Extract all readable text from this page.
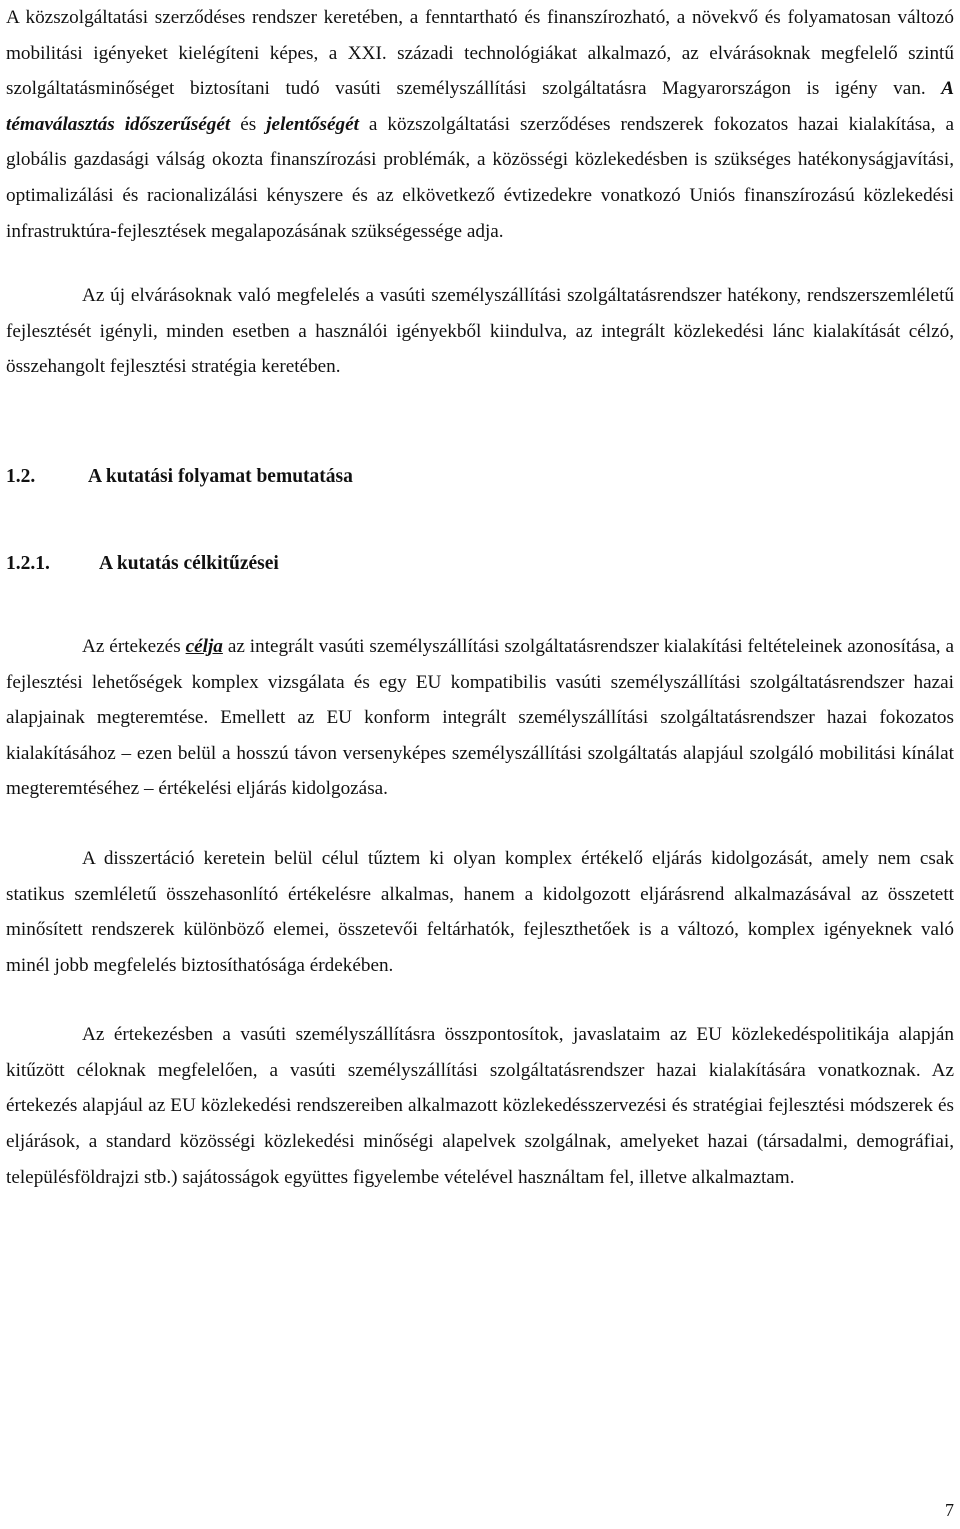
A közszolgáltatási szerződéses rendszer keretében, a fenntartható és finanszírozható, a növekvő és folyamatosan változó mobilitási igényeket kielégíteni képes, a XXI. századi technológiákat alkalmazó, az elvárásoknak megfelelő szintű szolgáltatásminőséget biztosítani tudó vasúti személyszállítási szolgáltatásra Magyarországon is igény van. A témaválasztás időszerűségét és jelentőségét a közszolgáltatási szerződéses rendszerek fokozatos hazai kialakítása, a globális gazdasági válság okozta finanszírozási problémák, a közösségi közlekedésben is szükséges hatékonyságjavítási, optimalizálási és racionalizálási kényszere és az elkövetkező évtizedekre vonatkozó Uniós finanszírozású közlekedési infrastruktúra-fejlesztések megalapozásának szükségessége adja.

Az új elvárásoknak való megfelelés a vasúti személyszállítási szolgáltatásrendszer hatékony, rendszerszemléletű fejlesztését igényli, minden esetben a használói igényekből kiindulva, az integrált közlekedési lánc kialakítását célzó, összehangolt fejlesztési stratégia keretében.

1.2.	A kutatási folyamat bemutatása
1.2.1.	A kutatás célkitűzései

Az értekezés célja az integrált vasúti személyszállítási szolgáltatásrendszer kialakítási feltételeinek azonosítása, a fejlesztési lehetőségek komplex vizsgálata és egy EU kompatibilis vasúti személyszállítási szolgáltatásrendszer hazai alapjainak megteremtése. Emellett az EU konform integrált személyszállítási szolgáltatásrendszer hazai fokozatos kialakításához – ezen belül a hosszú távon versenyképes személyszállítási szolgáltatás alapjául szolgáló mobilitási kínálat megteremtéséhez – értékelési eljárás kidolgozása.

A disszertáció keretein belül célul tűztem ki olyan komplex értékelő eljárás kidolgozását, amely nem csak statikus szemléletű összehasonlító értékelésre alkalmas, hanem a kidolgozott eljárásrend alkalmazásával az összetett minősített rendszerek különböző elemei, összetevői feltárhatók, fejleszthetőek is a változó, komplex igényeknek való minél jobb megfelelés biztosíthatósága érdekében.

Az értekezésben a vasúti személyszállításra összpontosítok, javaslataim az EU közlekedéspolitikája alapján kitűzött céloknak megfelelően, a vasúti személyszállítási szolgáltatásrendszer hazai kialakítására vonatkoznak. Az értekezés alapjául az EU közlekedési rendszereiben alkalmazott közlekedésszervezési és stratégiai fejlesztési módszerek és eljárások, a standard közösségi közlekedési minőségi alapelvek szolgálnak, amelyeket hazai (társadalmi, demográfiai, településföldrajzi stb.) sajátosságok együttes figyelembe vételével használtam fel, illetve alkalmaztam.

7
